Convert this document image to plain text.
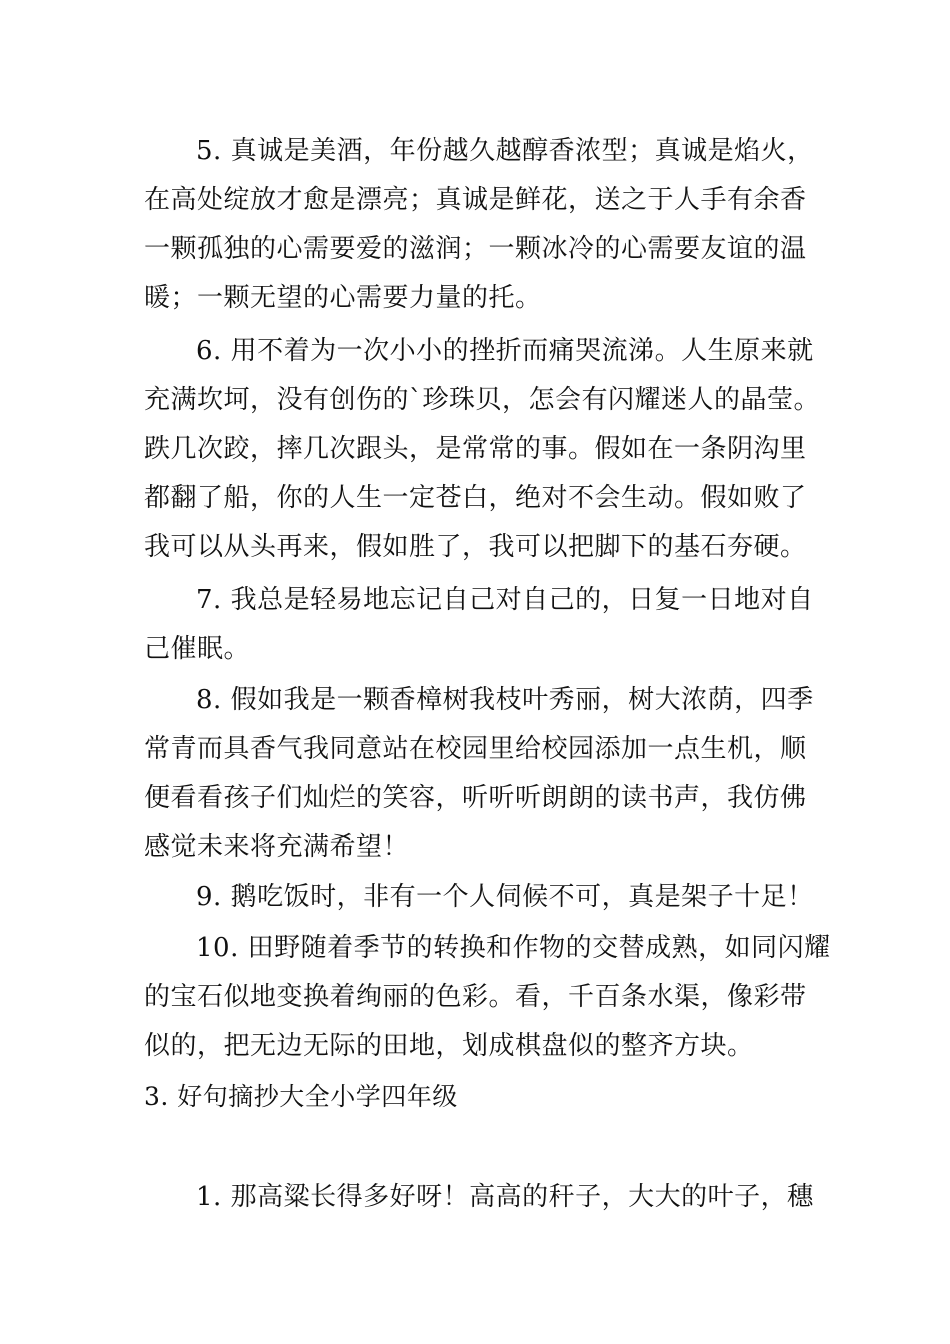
5. 真诚是美酒，年份越久越醇香浓型；真诚是焰火，
在高处绽放才愈是漂亮；真诚是鲜花，送之于人手有余香
一颗孤独的心需要爱的滋润；一颗冰冷的心需要友谊的温
暖；一颗无望的心需要力量的托。
6. 用不着为一次小小的挫折而痛哭流涕。人生原来就
充满坎坷，没有创伤的`珍珠贝，怎会有闪耀迷人的晶莹。
跌几次跤，摔几次跟头，是常常的事。假如在一条阴沟里
都翻了船，你的人生一定苍白，绝对不会生动。假如败了
我可以从头再来，假如胜了，我可以把脚下的基石夯硬。
7. 我总是轻易地忘记自己对自己的，日复一日地对自
己催眠。
8. 假如我是一颗香樟树我枝叶秀丽，树大浓荫，四季
常青而具香气我同意站在校园里给校园添加一点生机，顺
便看看孩子们灿烂的笑容，听听听朗朗的读书声，我仿佛
感觉未来将充满希望！
9. 鹅吃饭时，非有一个人伺候不可，真是架子十足！
10. 田野随着季节的转换和作物的交替成熟，如同闪耀
的宝石似地变换着绚丽的色彩。看，千百条水渠，像彩带
似的，把无边无际的田地，划成棋盘似的整齐方块。
3. 好句摘抄大全小学四年级
1. 那高粱长得多好呀！高高的秆子，大大的叶子，穗
